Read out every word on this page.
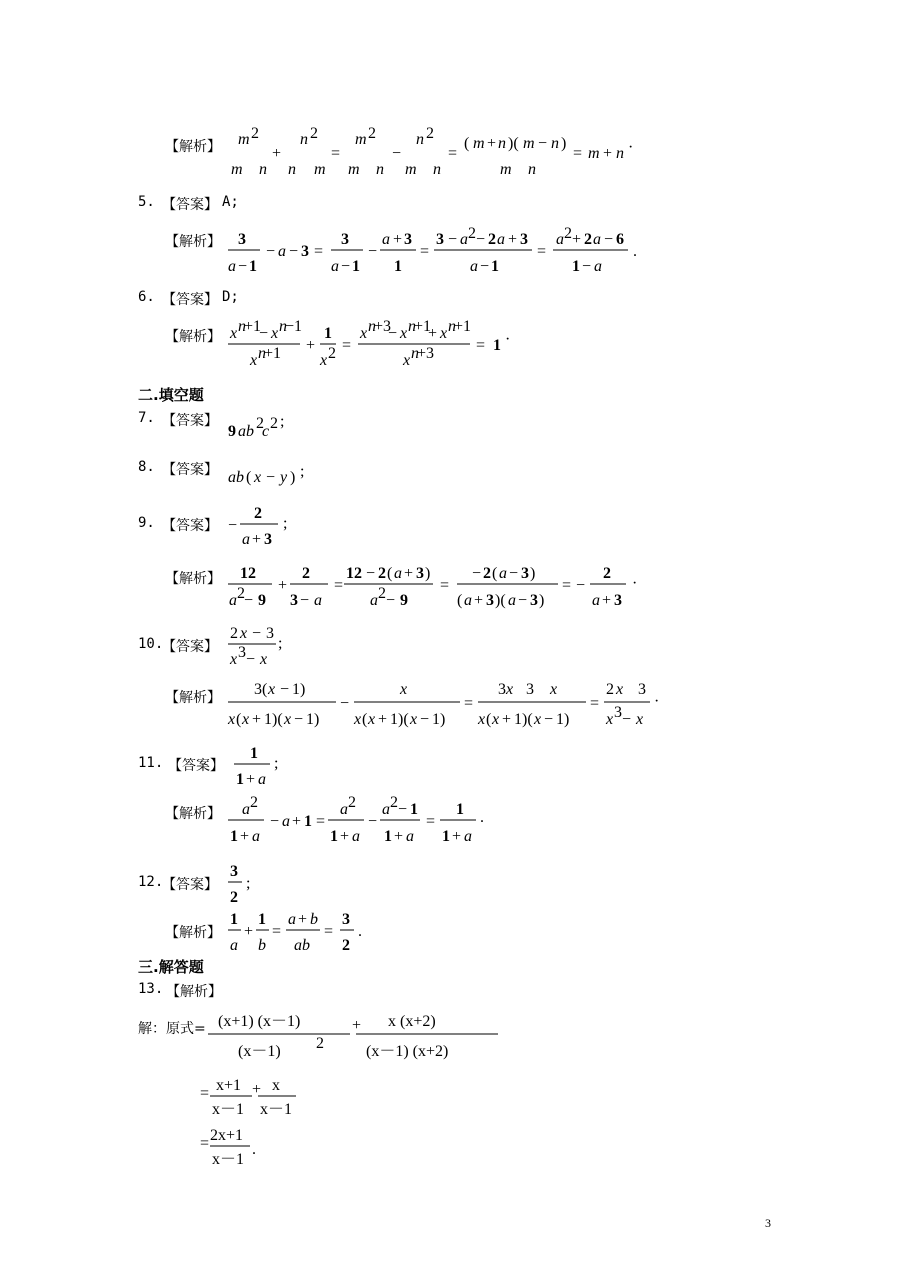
【解析】 m 2
m n
+
n 2
n m
=
m 2
m n
−
n 2
m n
=
( m + n )( m − n )
m n
= m + n ·
5. 【答案】 A;
【解析】 3
a − 1
− a − 3 =
3
a − 1
−
a + 3
1
=
3 − a 2 − 2 a + 3
a − 1
=
a 2 + 2 a − 6
1 − a
.
6. 【答案】 D;
【解析】 x n
+1
− x n
−1
x n
+1 +
1
x 2 =
x n
+3
− x n
+1
+ x n
+1
x n
+3	= 1 ·
二.填空题
7. 【答案】
9 ab 2
c 2 ;
8. 【答案】 ab ( x − y ) ;
9. 【答案】 −
2
a + 3
;
【解析】 12
a 2 − 9
+
2
3 − a
=
12 − 2 ( a + 3 )
a 2 − 9
=
− 2 ( a − 3 )
( a + 3 )( a − 3 )
= −
2
a + 3
·
10.
【答案】
2 x − 3
x 3 − x
;
【解析】 3( x − 1)
x ( x + 1)( x − 1)
−
x
x ( x + 1)( x − 1)
=
3 x 3 x
x ( x + 1)( x − 1)
=
2 x 3
x 3 − x
·
11. 【答案】
1
1 + a
;
【解析】 a 2
1 + a
− a + 1 =
a 2
1 + a
−
a 2 − 1
1 + a
=
1
1 + a
.
12.
【答案】
3
2
;
【解析】
1
a
+
1
b
=
a + b
ab
=
3
2
.
三.解答题
13. 【解析】
解：原式= (x+1) (x－1)
(x－1) 2
+ x (x+2)
(x－1) (x+2)
= x+1
x－1
+ x
x－1
= 2x+1
x－1
.
3
